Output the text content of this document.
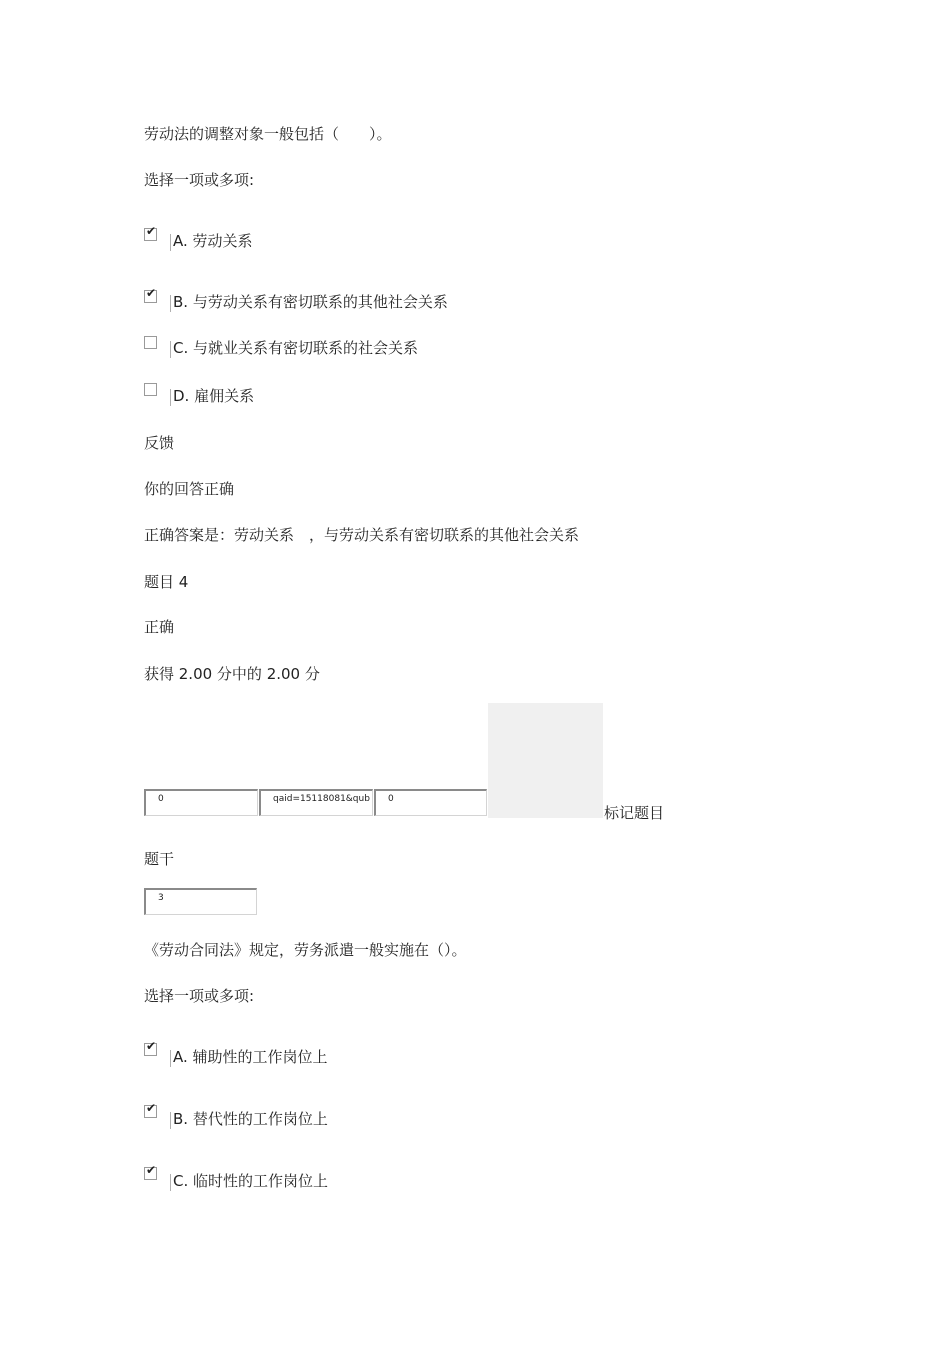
劳动法的调整对象一般包括（　　）。
选择一项或多项:
✔
A. 劳动关系
✔ B. 与劳动关系有密切联系的其他社会关系
C. 与就业关系有密切联系的社会关系
D. 雇佣关系
反馈
你的回答正确
正确答案是：劳动关系　，与劳动关系有密切联系的其他社会关系
题目 4
正确
获得 2.00 分中的 2.00 分
0	qaid=15118081&qub	0
标记题目
题干
3
《劳动合同法》规定，劳务派遣一般实施在（）。
选择一项或多项:
✔
A. 辅助性的工作岗位上
✔
B. 替代性的工作岗位上
✔
C. 临时性的工作岗位上
